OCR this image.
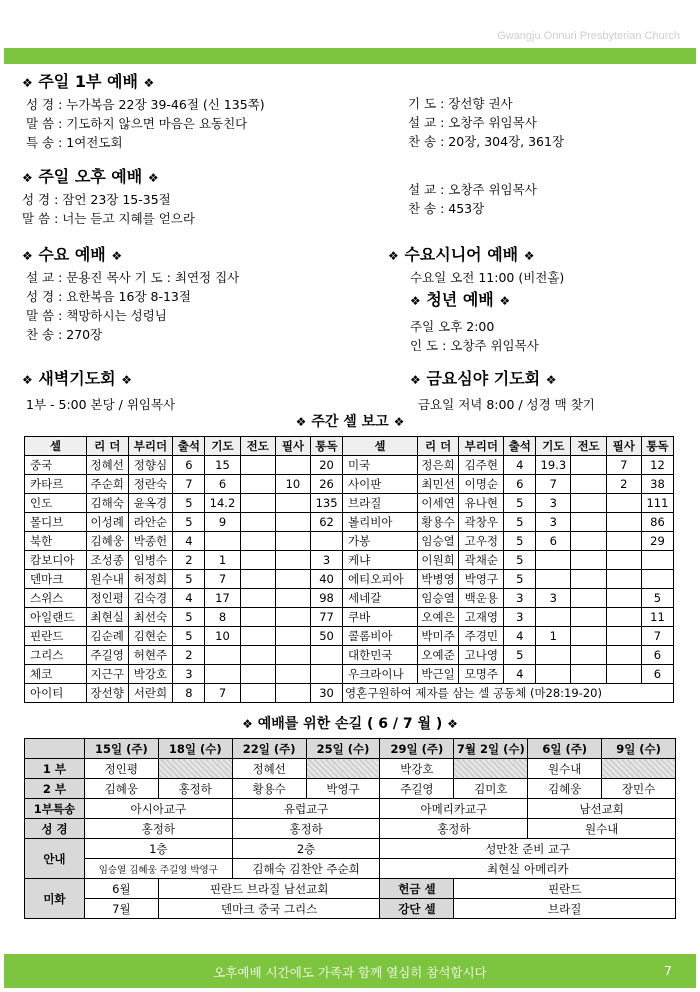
Gwangju Onnuri Presbyterian Church
❖ 주일 1부 예배 ❖
성 경 : 누가복음 22장 39-46절 (신 135쪽)
말 씀 : 기도하지 않으면 마음은 요동친다
특 송 : 1여전도회
기 도 : 장선향 권사
설 교 : 오창주 위임목사
찬 송 : 20장, 304장, 361장
❖ 주일 오후 예배 ❖
성 경 : 잠언 23장 15-35절
말 씀 : 너는 듣고 지혜를 얻으라
설 교 : 오창주 위임목사
찬 송 : 453장
❖ 수요 예배 ❖
설 교 : 문용진 목사 기 도 : 최연정 집사
성 경 : 요한복음 16장 8-13절
말 씀 : 책망하시는 성령님
찬 송 : 270장
❖ 수요시니어 예배 ❖
수요일 오전 11:00 (비전홀)
❖ 청년 예배 ❖
주일 오후 2:00
인 도 : 오창주 위임목사
❖ 새벽기도회 ❖
1부 - 5:00 본당 / 위임목사
❖ 금요심야 기도회 ❖
금요일 저녁 8:00 / 성경 맥 찾기
❖ 주간 셀 보고 ❖
셀	리 더	부리더	출석	기도	전도	필사	통독	셀	리 더	부리더	출석	기도	전도	필사	통독
중국	정혜선	정향심	6	15			20	미국	정은희	김주현	4	19.3		7	12
카타르	주순희	정란숙	7	6		10	26	사이판	최민선	이명순	6	7		2	38
인도	김해숙	윤옥경	5	14.2			135	브라질	이세연	유나현	5	3			111
몰디브	이성례	라안순	5	9			62	볼리비아	황용수	곽창우	5	3			86
북한	김혜웅	박종헌	4					가봉	임승열	고우정	5	6			29
캄보디아	조성종	임병수	2	1			3	케냐	이원희	곽채순	5				
덴마크	원수내	허정희	5	7			40	에티오피아	박병영	박영구	5				
스위스	정인평	김숙경	4	17			98	세네갈	임승열	백운용	3	3			5
아일랜드	최현실	최선숙	5	8			77	쿠바	오예은	고재영	3				11
핀란드	김순례	김현순	5	10			50	콜롬비아	박미주	주경민	4	1			7
그리스	주길영	허현주	2					대한민국	오예준	고나영	5				6
체코	지근구	박강호	3					우크라이나	박근일	모명주	4				6
아이티	장선향	서란희	8	7			30	영혼구원하여 제자를 삼는 셀 공동체 (마28:19-20)							
❖ 예배를 위한 손길 ( 6 / 7 월 ) ❖
	15일 (주)	18일 (수)	22일 (주)	25일 (수)	29일 (주)	7월 2일 (수)	6일 (주)	9일 (수)
1 부	정인평		정혜선		박강호		원수내	
2 부	김혜웅	홍정하	황용수	박영구	주길영	김미호	김혜웅	장민수
1부특송	아시아교구		유럽교구		아메리카교구		남선교회	
성 경	홍정하		홍정하		홍정하		원수내	
안내	1층		2층		성만찬 준비 교구			
	임승열 김혜웅 주길영 박영구		김해숙 김찬안 주순희		최현실 아메리카			
미화	6월	핀란드 브라질 남선교회			헌금 셀	핀란드		
	7월	덴마크 중국 그리스			강단 셀	브라질		
오후예배 시간에도 가족과 함께 열심히 참석합시다	7
